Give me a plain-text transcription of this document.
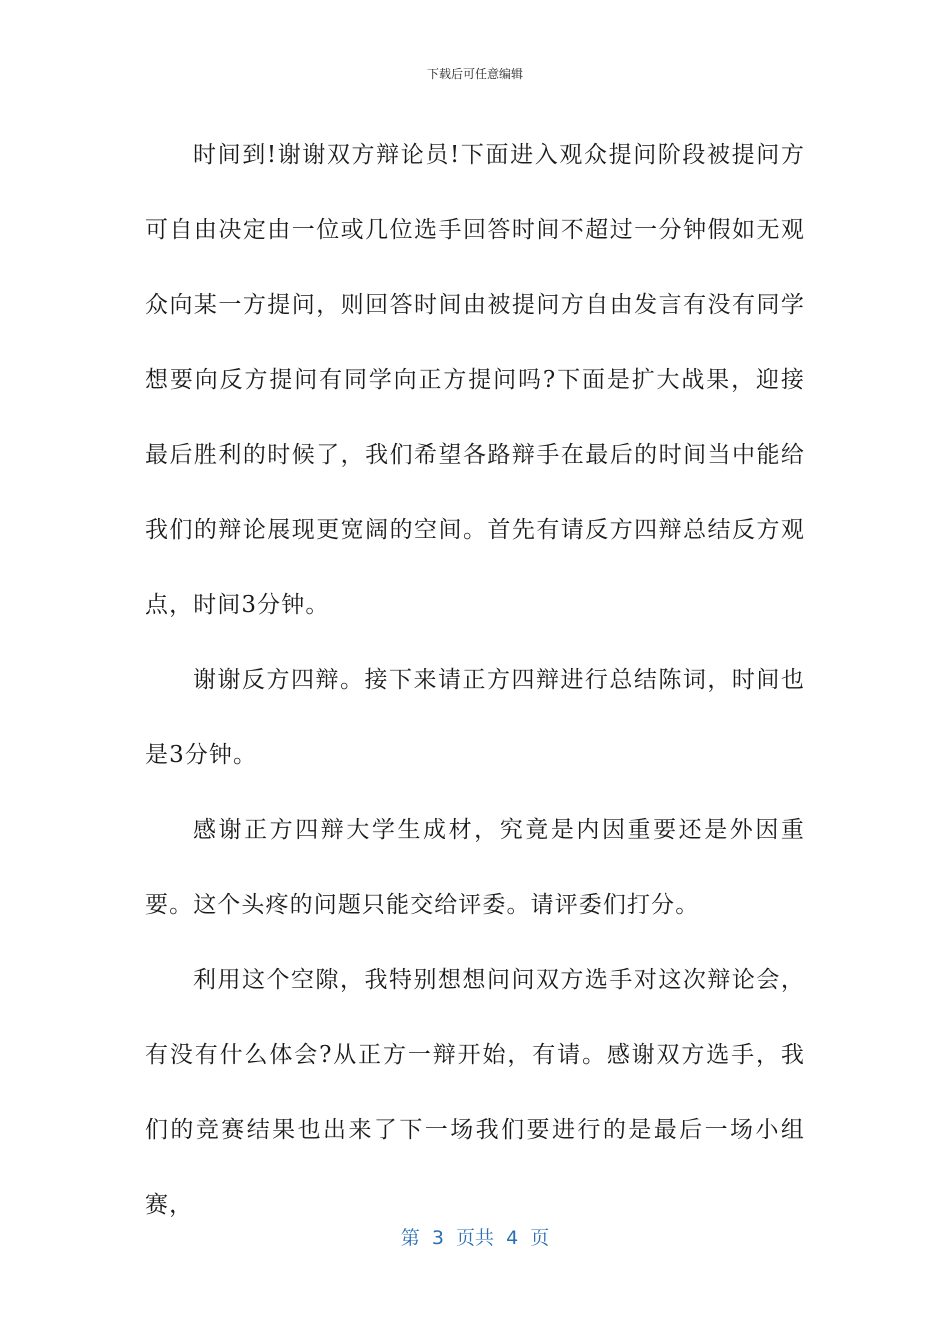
下载后可任意编辑

时间到!谢谢双方辩论员!下面进入观众提问阶段被提问方可自由决定由一位或几位选手回答时间不超过一分钟假如无观众向某一方提问，则回答时间由被提问方自由发言有没有同学想要向反方提问有同学向正方提问吗?下面是扩大战果，迎接最后胜利的时候了，我们希望各路辩手在最后的时间当中能给我们的辩论展现更宽阔的空间。首先有请反方四辩总结反方观点，时间3分钟。

谢谢反方四辩。接下来请正方四辩进行总结陈词，时间也是3分钟。

感谢正方四辩大学生成材，究竟是内因重要还是外因重要。这个头疼的问题只能交给评委。请评委们打分。

利用这个空隙，我特别想想问问双方选手对这次辩论会，有没有什么体会?从正方一辩开始，有请。感谢双方选手，我们的竞赛结果也出来了下一场我们要进行的是最后一场小组赛，

第  3  页共  4  页
